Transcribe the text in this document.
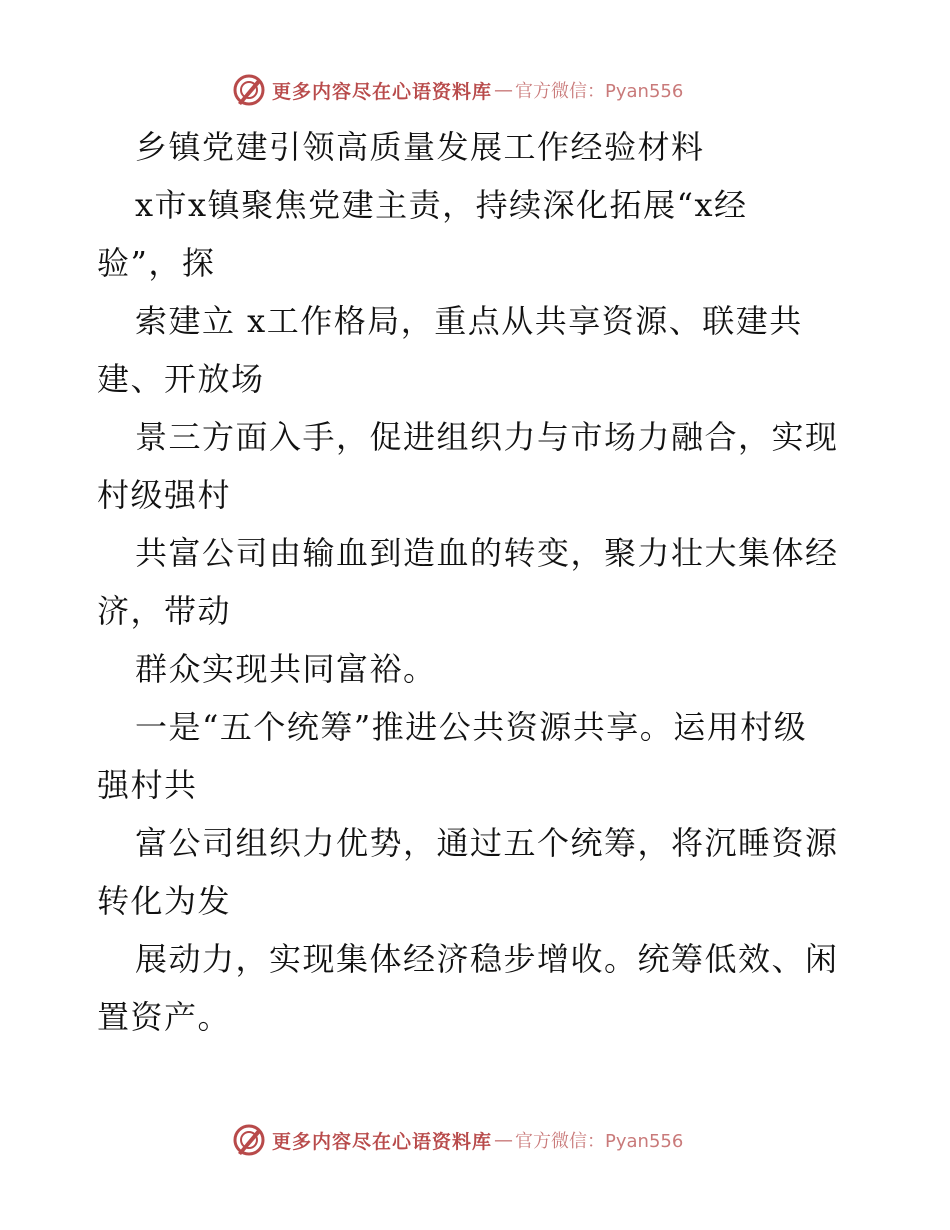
更多内容尽在心语资料库 — 官方微信：Pyan556
乡镇党建引领高质量发展工作经验材料
x市x镇聚焦党建主责，持续深化拓展“x经
验”，探
索建立 x工作格局，重点从共享资源、联建共
建、开放场
景三方面入手，促进组织力与市场力融合，实现
村级强村
共富公司由输血到造血的转变，聚力壮大集体经
济，带动
群众实现共同富裕。
一是“五个统筹”推进公共资源共享。运用村级
强村共
富公司组织力优势，通过五个统筹，将沉睡资源
转化为发
展动力，实现集体经济稳步增收。统筹低效、闲
置资产。
更多内容尽在心语资料库 — 官方微信：Pyan556
